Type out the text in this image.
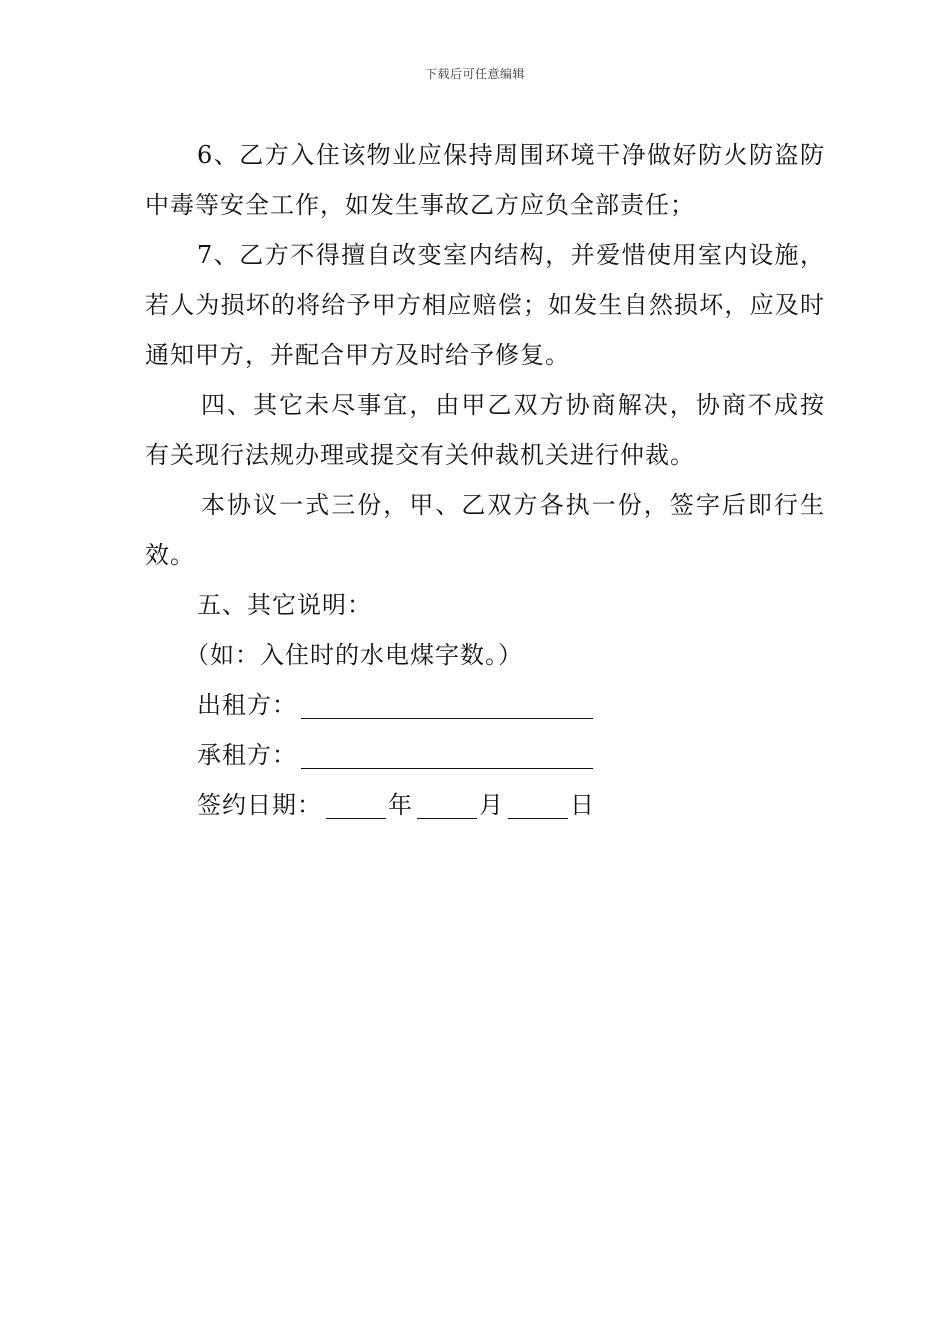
下载后可任意编辑

6、乙方入住该物业应保持周围环境干净做好防火防盗防中毒等安全工作，如发生事故乙方应负全部责任；

7、乙方不得擅自改变室内结构，并爱惜使用室内设施，若人为损坏的将给予甲方相应赔偿；如发生自然损坏，应及时通知甲方，并配合甲方及时给予修复。

四、其它未尽事宜，由甲乙双方协商解决，协商不成按有关现行法规办理或提交有关仲裁机关进行仲裁。

本协议一式三份，甲、乙双方各执一份，签字后即行生效。

五、其它说明：
（如：入住时的水电煤字数。）
出租方：
承租方：
签约日期：	年	月	日
